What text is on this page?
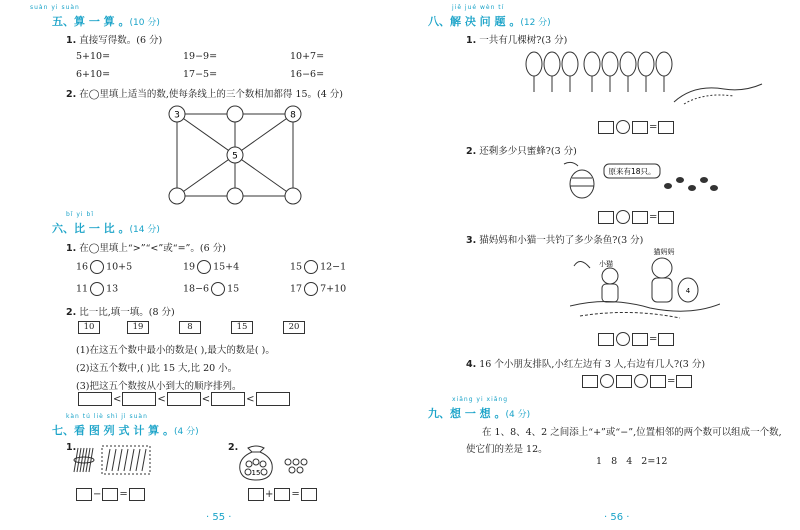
suàn yi suàn
五、算 一 算 。(10 分)
1. 直接写得数。(6 分)
5+10=	19−9=	10+7=
6+10=	17−5=	16−6=
2. 在◯里填上适当的数,使每条线上的三个数相加都得 15。(4 分)
3	8
5
bǐ yi bǐ
六、比 一 比 。(14 分)
1. 在◯里填上“>”“<”或“=”。(6 分)
16 10+5	19 15+4	15 12−1
11 13	18−6 15	17 7+10
2. 比一比,填一填。(8 分)
10	19	8	15	20
(1)在这五个数中最小的数是( ),最大的数是( )。
(2)这五个数中,( )比 15 大,比 20 小。
(3)把这五个数按从小到大的顺序排列。
<	<	<	<
kàn tú liè shì jì suàn
七、看 图 列 式 计 算 。(4 分)
1.
− =
2.
15
+ =
· 55 ·
jiě jué wèn tí
八、解 决 问 题 。(12 分)
1. 一共有几棵树?(3 分)
=
2. 还剩多少只蜜蜂?(3 分)
原来有18只。
=
3. 猫妈妈和小猫一共钓了多少条鱼?(3 分)
小猫
猫妈妈
4
=
4. 16 个小朋友排队,小红左边有 3 人,右边有几人?(3 分)
=
xiǎng yi xiǎng
九、想 一 想 。(4 分)
在 1、8、4、2 之间添上“+”或“−”,位置相邻的两个数可以组成一个数,
使它们的差是 12。
1   8   4   2=12
· 56 ·
